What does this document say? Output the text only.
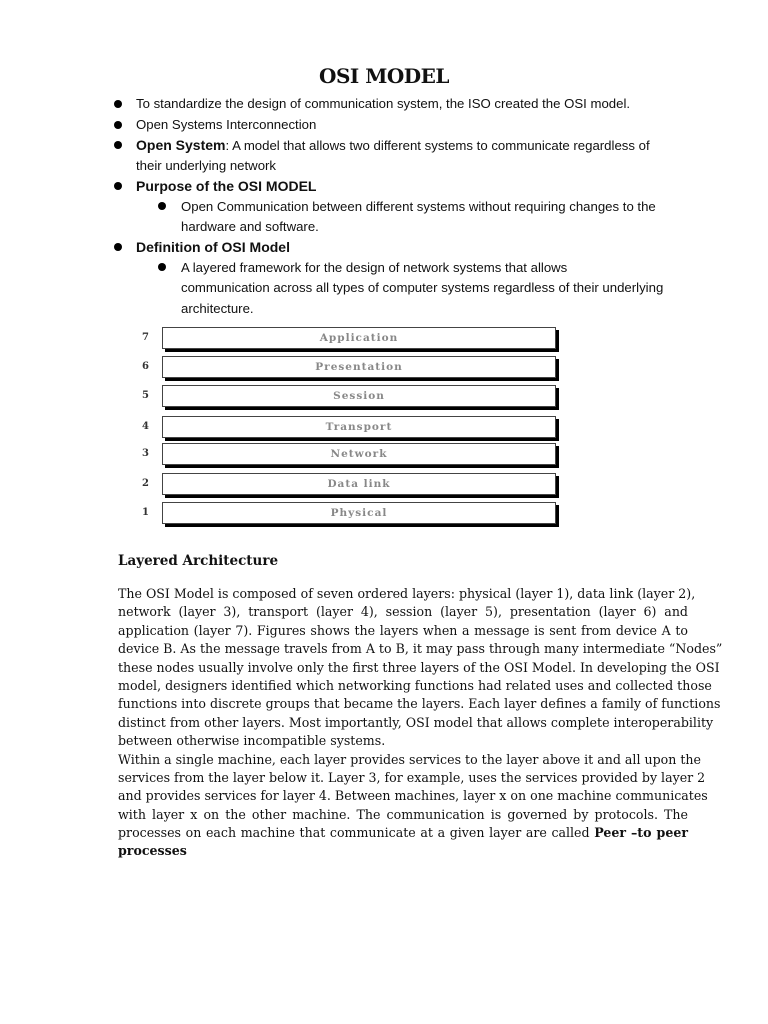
OSI MODEL
To standardize the design of communication system, the ISO created the OSI model.
Open Systems Interconnection
Open System: A model that allows two different systems to communicate regardless of
their underlying network
Purpose of the OSI MODEL
Open Communication between different systems without requiring changes to the
hardware and software.
Definition of OSI Model
A layered framework for the design of network systems that allows
communication across all types of computer systems regardless of their underlying
architecture.
7	Application
6	Presentation
5	Session
4	Transport
3	Network
2	Data link
1	Physical
Layered Architecture
The OSI Model is composed of seven ordered layers: physical (layer 1), data link (layer 2),
network (layer 3), transport (layer 4), session (layer 5), presentation (layer 6) and
application (layer 7). Figures shows the layers when a message is sent from device A to
device B. As the message travels from A to B, it may pass through many intermediate “Nodes”
these nodes usually involve only the first three layers of the OSI Model. In developing the OSI
model, designers identified which networking functions had related uses and collected those
functions into discrete groups that became the layers. Each layer defines a family of functions
distinct from other layers. Most importantly, OSI model that allows complete interoperability
between otherwise incompatible systems.
Within a single machine, each layer provides services to the layer above it and all upon the
services from the layer below it. Layer 3, for example, uses the services provided by layer 2
and provides services for layer 4. Between machines, layer x on one machine communicates
with layer x on the other machine. The communication is governed by protocols. The
processes on each machine that communicate at a given layer are called Peer –to peer
processes
